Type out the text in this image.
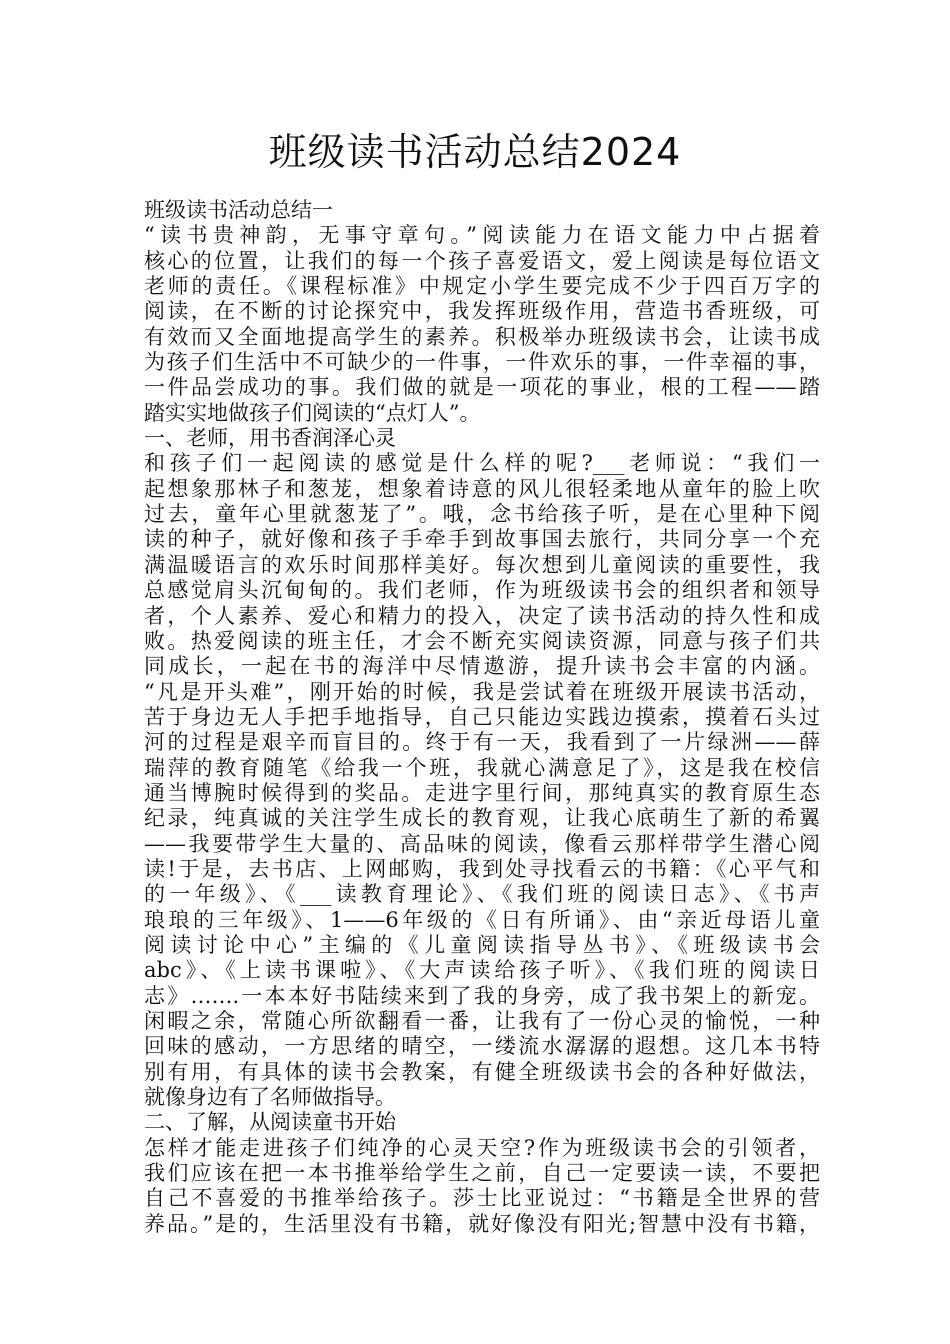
班级读书活动总结2024
班级读书活动总结一
“读书贵神韵，无事守章句。”阅读能力在语文能力中占据着
核心的位置，让我们的每一个孩子喜爱语文，爱上阅读是每位语文
老师的责任。《课程标准》中规定小学生要完成不少于四百万字的
阅读，在不断的讨论探究中，我发挥班级作用，营造书香班级，可
有效而又全面地提高学生的素养。积极举办班级读书会，让读书成
为孩子们生活中不可缺少的一件事，一件欢乐的事，一件幸福的事，
一件品尝成功的事。我们做的就是一项花的事业，根的工程——踏
踏实实地做孩子们阅读的“点灯人”。
一、老师，用书香润泽心灵
和孩子们一起阅读的感觉是什么样的呢?___老师说：“我们一
起想象那林子和葱茏，想象着诗意的风儿很轻柔地从童年的脸上吹
过去，童年心里就葱茏了”。哦，念书给孩子听，是在心里种下阅
读的种子，就好像和孩子手牵手到故事国去旅行，共同分享一个充
满温暖语言的欢乐时间那样美好。每次想到儿童阅读的重要性，我
总感觉肩头沉甸甸的。我们老师，作为班级读书会的组织者和领导
者，个人素养、爱心和精力的投入，决定了读书活动的持久性和成
败。热爱阅读的班主任，才会不断充实阅读资源，同意与孩子们共
同成长，一起在书的海洋中尽情遨游，提升读书会丰富的内涵。
“凡是开头难”，刚开始的时候，我是尝试着在班级开展读书活动，
苦于身边无人手把手地指导，自己只能边实践边摸索，摸着石头过
河的过程是艰辛而盲目的。终于有一天，我看到了一片绿洲——薛
瑞萍的教育随笔《给我一个班，我就心满意足了》，这是我在校信
通当博腕时候得到的奖品。走进字里行间，那纯真实的教育原生态
纪录，纯真诚的关注学生成长的教育观，让我心底萌生了新的希翼
——我要带学生大量的、高品味的阅读，像看云那样带学生潜心阅
读!于是，去书店、上网邮购，我到处寻找看云的书籍：《心平气和
的一年级》、《___读教育理论》、《我们班的阅读日志》、《书声
琅琅的三年级》、1——6年级的《日有所诵》、由“亲近母语儿童
阅读讨论中心”主编的《儿童阅读指导丛书》、《班级读书会
abc》、《上读书课啦》、《大声读给孩子听》、《我们班的阅读日
志》…….一本本好书陆续来到了我的身旁，成了我书架上的新宠。
闲暇之余，常随心所欲翻看一番，让我有了一份心灵的愉悦，一种
回味的感动，一方思绪的晴空，一缕流水潺潺的遐想。这几本书特
别有用，有具体的读书会教案，有健全班级读书会的各种好做法，
就像身边有了名师做指导。
二、了解，从阅读童书开始
怎样才能走进孩子们纯净的心灵天空?作为班级读书会的引领者，
我们应该在把一本书推举给学生之前，自己一定要读一读，不要把
自己不喜爱的书推举给孩子。莎士比亚说过：“书籍是全世界的营
养品。”是的，生活里没有书籍，就好像没有阳光;智慧中没有书籍，
